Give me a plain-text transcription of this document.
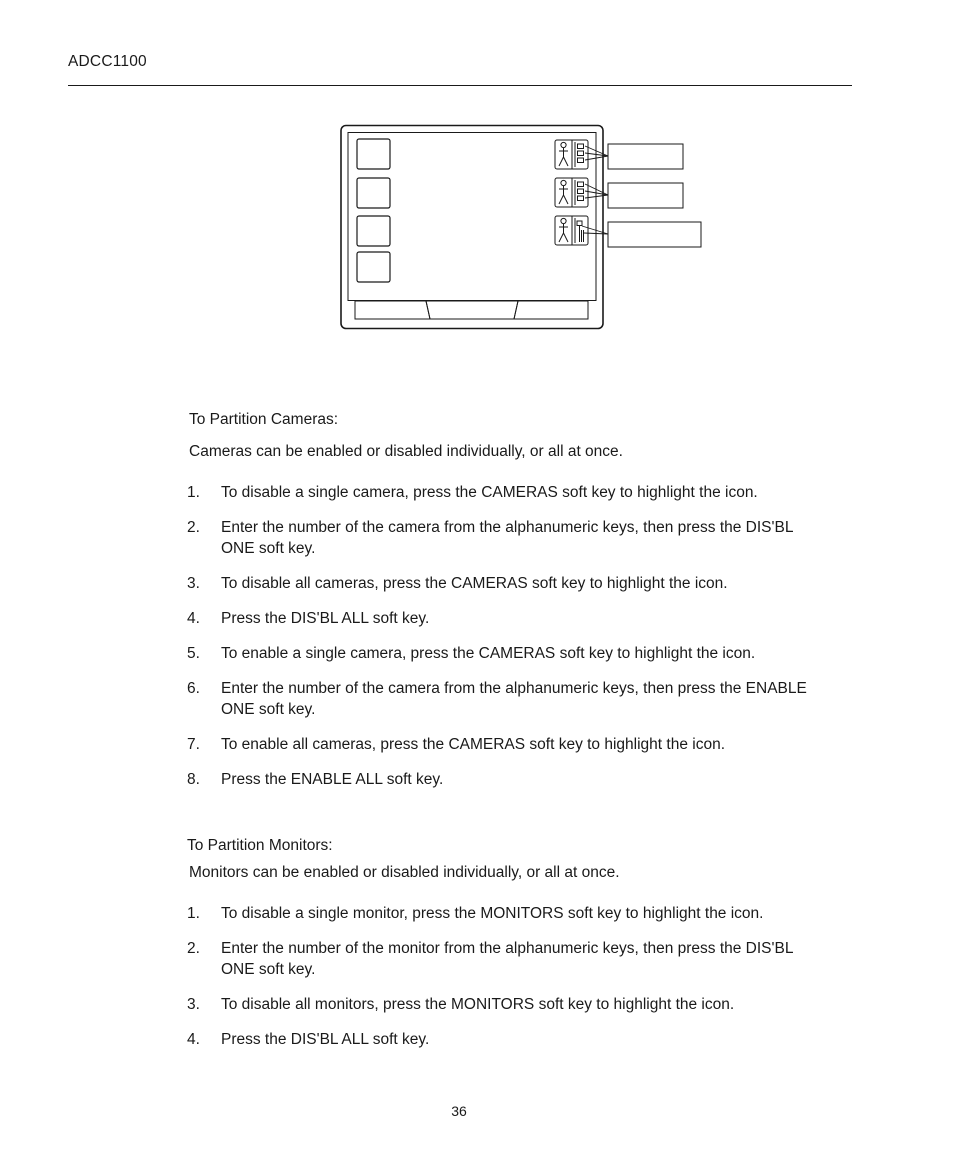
ADCC1100
To Partition Cameras:
Cameras can be enabled or disabled individually, or all at once.
1. To disable a single camera, press the CAMERAS soft key to highlight the icon.
2. Enter the number of the camera from the alphanumeric keys, then press the DIS'BL ONE soft key.
3. To disable all cameras, press the CAMERAS soft key to highlight the icon.
4. Press the DIS'BL ALL soft key.
5. To enable a single camera, press the CAMERAS soft key to highlight the icon.
6. Enter the number of the camera from the alphanumeric keys, then press the ENABLE ONE soft key.
7. To enable all cameras, press the CAMERAS soft key to highlight the icon.
8. Press the ENABLE ALL soft key.
To Partition Monitors:
Monitors can be enabled or disabled individually, or all at once.
1. To disable a single monitor, press the MONITORS soft key to highlight the icon.
2. Enter the number of the monitor from the alphanumeric keys, then press the DIS'BL ONE soft key.
3. To disable all monitors, press the MONITORS soft key to highlight the icon.
4. Press the DIS'BL ALL soft key.
36
